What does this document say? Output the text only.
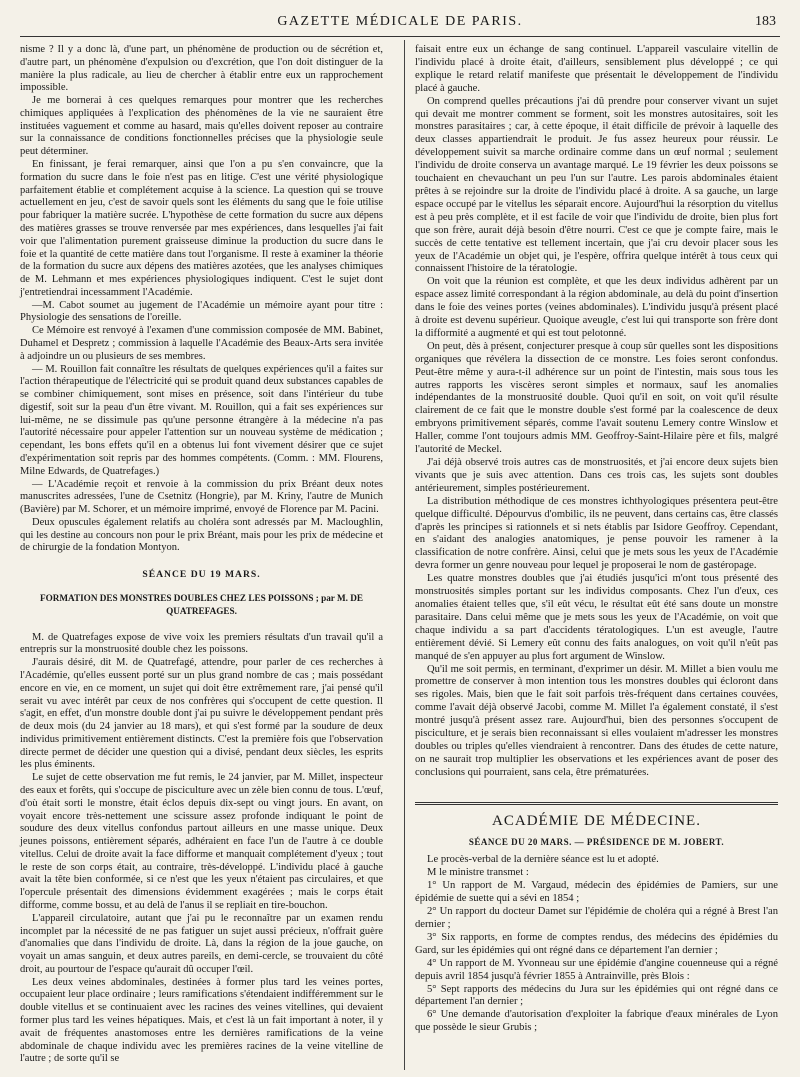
GAZETTE MÉDICALE DE PARIS.	183

nisme ? Il y a donc là, d'une part, un phénomène de production ou de sécrétion et, d'autre part, un phénomène d'expulsion ou d'excrétion, que l'on doit distinguer de la manière la plus radicale, au lieu de chercher à établir entre eux un rapprochement impossible.

Je me bornerai à ces quelques remarques pour montrer que les recherches chimiques appliquées à l'explication des phénomènes de la vie ne sauraient être instituées vaguement et comme au hasard, mais qu'elles doivent reposer au contraire sur la connaissance de conditions fonctionnelles précises que la physiologie seule peut déterminer.

En finissant, je ferai remarquer, ainsi que l'on a pu s'en convaincre, que la formation du sucre dans le foie n'est pas en litige. C'est une vérité physiologique parfaitement établie et complétement acquise à la science. La question qui se trouve actuellement en jeu, c'est de savoir quels sont les éléments du sang que le foie utilise pour fabriquer la matière sucrée. L'hypothèse de cette formation du sucre aux dépens des matières grasses se trouve renversée par mes expériences, dans lesquelles j'ai fait voir que l'alimentation purement graisseuse diminue la production du sucre dans le foie et la quantité de cette matière dans tout l'organisme. Il reste à examiner la théorie de la formation du sucre aux dépens des matières azotées, que les analyses chimiques de M. Lehmann et mes expériences physiologiques indiquent. C'est le sujet dont j'entretiendrai incessamment l'Académie.

—M. Cabot soumet au jugement de l'Académie un mémoire ayant pour titre : Physiologie des sensations de l'oreille.

Ce Mémoire est renvoyé à l'examen d'une commission composée de MM. Babinet, Duhamel et Despretz ; commission à laquelle l'Académie des Beaux-Arts sera invitée à adjoindre un ou plusieurs de ses membres.

— M. Rouillon fait connaître les résultats de quelques expériences qu'il a faites sur l'action thérapeutique de l'électricité qui se produit quand deux substances capables de se combiner chimiquement, sont mises en présence, soit dans l'intérieur du tube digestif, soit sur la peau d'un être vivant. M. Rouillon, qui a fait ses expériences sur lui-même, ne se dissimule pas qu'une personne étrangère à la médecine n'a pas l'autorité nécessaire pour appeler l'attention sur un nouveau système de médication ; cependant, les bons effets qu'il en a obtenus lui font vivement désirer que ce sujet d'expérimentation soit repris par des hommes compétents. (Comm. : MM. Flourens, Milne Edwards, de Quatrefages.)

— L'Académie reçoit et renvoie à la commission du prix Bréant deux notes manuscrites adressées, l'une de Csetnitz (Hongrie), par M. Kriny, l'autre de Munich (Bavière) par M. Schorer, et un mémoire imprimé, envoyé de Florence par M. Pacini.

Deux opuscules également relatifs au choléra sont adressés par M. Macloughlin, qui les destine au concours non pour le prix Bréant, mais pour les prix de médecine et de chirurgie de la fondation Montyon.

SÉANCE DU 19 MARS.
FORMATION DES MONSTRES DOUBLES CHEZ LES POISSONS ; par M. DE QUATREFAGES.

M. de Quatrefages expose de vive voix les premiers résultats d'un travail qu'il a entrepris sur la monstruosité double chez les poissons.

J'aurais désiré, dit M. de Quatrefagé, attendre, pour parler de ces recherches à l'Académie, qu'elles eussent porté sur un plus grand nombre de cas ; mais possédant encore en vie, en ce moment, un sujet qui doit être extrêmement rare, j'ai pensé qu'il serait vu avec intérêt par ceux de nos confrères qui s'occupent de cette question. Il s'agit, en effet, d'un monstre double dont j'ai pu suivre le développement pendant près de deux mois (du 24 janvier au 18 mars), et qui s'est formé par la soudure de deux individus primitivement entièrement distincts. C'est la première fois que l'observation directe permet de décider une question qui a divisé, pendant deux siècles, les esprits les plus éminents.

Le sujet de cette observation me fut remis, le 24 janvier, par M. Millet, inspecteur des eaux et forêts, qui s'occupe de pisciculture avec un zèle bien connu de tous. L'œuf, d'où était sorti le monstre, était éclos depuis dix-sept ou vingt jours. En avant, on voyait encore très-nettement une scissure assez profonde indiquant le point de soudure des deux vitellus confondus partout ailleurs en une masse unique. Deux jeunes poissons, entièrement séparés, adhéraient en face l'un de l'autre à ce double vitellus. Celui de droite avait la face difforme et manquait complétement d'yeux ; tout le reste de son corps était, au contraire, très-développé. L'individu placé à gauche avait la tête bien conformée, si ce n'est que les yeux n'étaient pas circulaires, et que l'opercule présentait des dimensions évidemment exagérées ; mais le corps était difforme, comme bossu, et au delà de l'anus il se repliait en tire-bouchon.

L'appareil circulatoire, autant que j'ai pu le reconnaître par un examen rendu incomplet par la nécessité de ne pas fatiguer un sujet aussi précieux, n'offrait guère d'anomalies que dans l'individu de droite. Là, dans la région de la joue gauche, on voyait un amas sanguin, et deux autres pareils, en demi-cercle, se trouvaient du côté droit, au pourtour de l'espace qu'aurait dû occuper l'œil.

Les deux veines abdominales, destinées à former plus tard les veines portes, occupaient leur place ordinaire ; leurs ramifications s'étendaient indifféremment sur le double vitellus et se continuaient avec les racines des veines vitellines, qui devaient former plus tard les veines hépatiques. Mais, et c'est là un fait important à noter, il y avait de fréquentes anastomoses entre les dernières ramifications de la veine abdominale de chaque individu avec les premières racines de la veine vitelline de l'autre ; de sorte qu'il se

faisait entre eux un échange de sang continuel. L'appareil vasculaire vitellin de l'individu placé à droite était, d'ailleurs, sensiblement plus développé ; ce qui explique le retard relatif manifeste que présentait le développement de l'individu placé à gauche.

On comprend quelles précautions j'ai dû prendre pour conserver vivant un sujet qui devait me montrer comment se forment, soit les monstres autositaires, soit les monstres parasitaires ; car, à cette époque, il était difficile de prévoir à laquelle des deux classes appartiendrait le produit. Je fus assez heureux pour réussir. Le développement suivit sa marche ordinaire comme dans un œuf normal ; seulement l'individu de droite conserva un avantage marqué. Le 19 février les deux poissons se touchaient en chevauchant un peu l'un sur l'autre. Les parois abdominales étaient prêtes à se rejoindre sur la droite de l'individu placé à droite. A sa gauche, un large espace occupé par le vitellus les séparait encore. Aujourd'hui la résorption du vitellus est à peu près complète, et il est facile de voir que l'individu de droite, bien plus fort que son frère, aurait déjà besoin d'être nourri. C'est ce que je compte faire, mais le succès de cette tentative est tellement incertain, que j'ai cru devoir placer sous les yeux de l'Académie un objet qui, je l'espère, offrira quelque intérêt à tous ceux qui connaissent l'histoire de la tératologie.

On voit que la réunion est complète, et que les deux individus adhèrent par un espace assez limité correspondant à la région abdominale, au delà du point d'insertion dans le foie des veines portes (veines abdominales). L'individu jusqu'à présent placé à droite est devenu supérieur. Quoique aveugle, c'est lui qui transporte son frère dont la difformité a augmenté et qui est tout pelotonné.

On peut, dès à présent, conjecturer presque à coup sûr quelles sont les dispositions organiques que révélera la dissection de ce monstre. Les foies seront confondus. Peut-être même y aura-t-il adhérence sur un point de l'intestin, mais sous tous les autres rapports les viscères seront simples et normaux, sauf les anomalies indépendantes de la monstruosité double. Quoi qu'il en soit, on voit qu'il résulte clairement de ce fait que le monstre double s'est formé par la coalescence de deux embryons primitivement séparés, comme l'avait soutenu Lemery contre Winslow et Haller, comme l'ont toujours admis MM. Geoffroy-Saint-Hilaire père et fils, malgré l'autorité de Meckel.

J'ai déjà observé trois autres cas de monstruosités, et j'ai encore deux sujets bien vivants que je suis avec attention. Dans ces trois cas, les sujets sont doubles antérieurement, simples postérieurement.

La distribution méthodique de ces monstres ichthyologiques présentera peut-être quelque difficulté. Dépourvus d'ombilic, ils ne peuvent, dans certains cas, être classés d'après les principes si rationnels et si nets établis par Isidore Geoffroy. Cependant, en s'aidant des analogies anatomiques, je pense pouvoir les ramener à la classification de notre confrère. Ainsi, celui que je mets sous les yeux de l'Académie devra former un genre nouveau pour lequel je proposerai le nom de gastéropage.

Les quatre monstres doubles que j'ai étudiés jusqu'ici m'ont tous présenté des monstruosités simples portant sur les individus composants. Chez l'un d'eux, ces anomalies étaient telles que, s'il eût vécu, le résultat eût été sans doute un monstre parasitaire. Dans celui même que je mets sous les yeux de l'Académie, on voit que chaque individu a sa part d'accidents tératologiques. L'un est aveugle, l'autre entièrement dévié. Si Lemery eût connu des faits analogues, on voit qu'il n'eût pas manqué de s'en appuyer au plus fort argument de Winslow.

Qu'il me soit permis, en terminant, d'exprimer un désir. M. Millet a bien voulu me promettre de conserver à mon intention tous les monstres doubles qui écloront dans ses rigoles. Mais, bien que le fait soit parfois très-fréquent dans certaines couvées, comme l'avait déjà observé Jacobi, comme M. Millet l'a également constaté, il s'est montré jusqu'à présent assez rare. Aujourd'hui, bien des personnes s'occupent de pisciculture, et je serais bien reconnaissant si elles voulaient m'adresser les monstres doubles ou triples qu'elles viendraient à rencontrer. Dans des études de cette nature, on ne saurait trop multiplier les observations et les expériences avant de poser des conclusions qui pourraient, sans cela, être prématurées.

ACADÉMIE DE MÉDECINE.
SÉANCE DU 20 MARS. — PRÉSIDENCE DE M. JOBERT.

Le procès-verbal de la dernière séance est lu et adopté.

M le ministre transmet :

1° Un rapport de M. Vargaud, médecin des épidémies de Pamiers, sur une épidémie de suette qui a sévi en 1854 ;

2° Un rapport du docteur Damet sur l'épidémie de choléra qui a régné à Brest l'an dernier ;

3° Six rapports, en forme de comptes rendus, des médecins des épidémies du Gard, sur les épidémies qui ont régné dans ce département l'an dernier ;

4° Un rapport de M. Yvonneau sur une épidémie d'angine couenneuse qui a régné depuis avril 1854 jusqu'à février 1855 à Antrainville, près Blois :

5° Sept rapports des médecins du Jura sur les épidémies qui ont régné dans ce département l'an dernier ;

6° Une demande d'autorisation d'exploiter la fabrique d'eaux minérales de Lyon que possède le sieur Grubis ;
